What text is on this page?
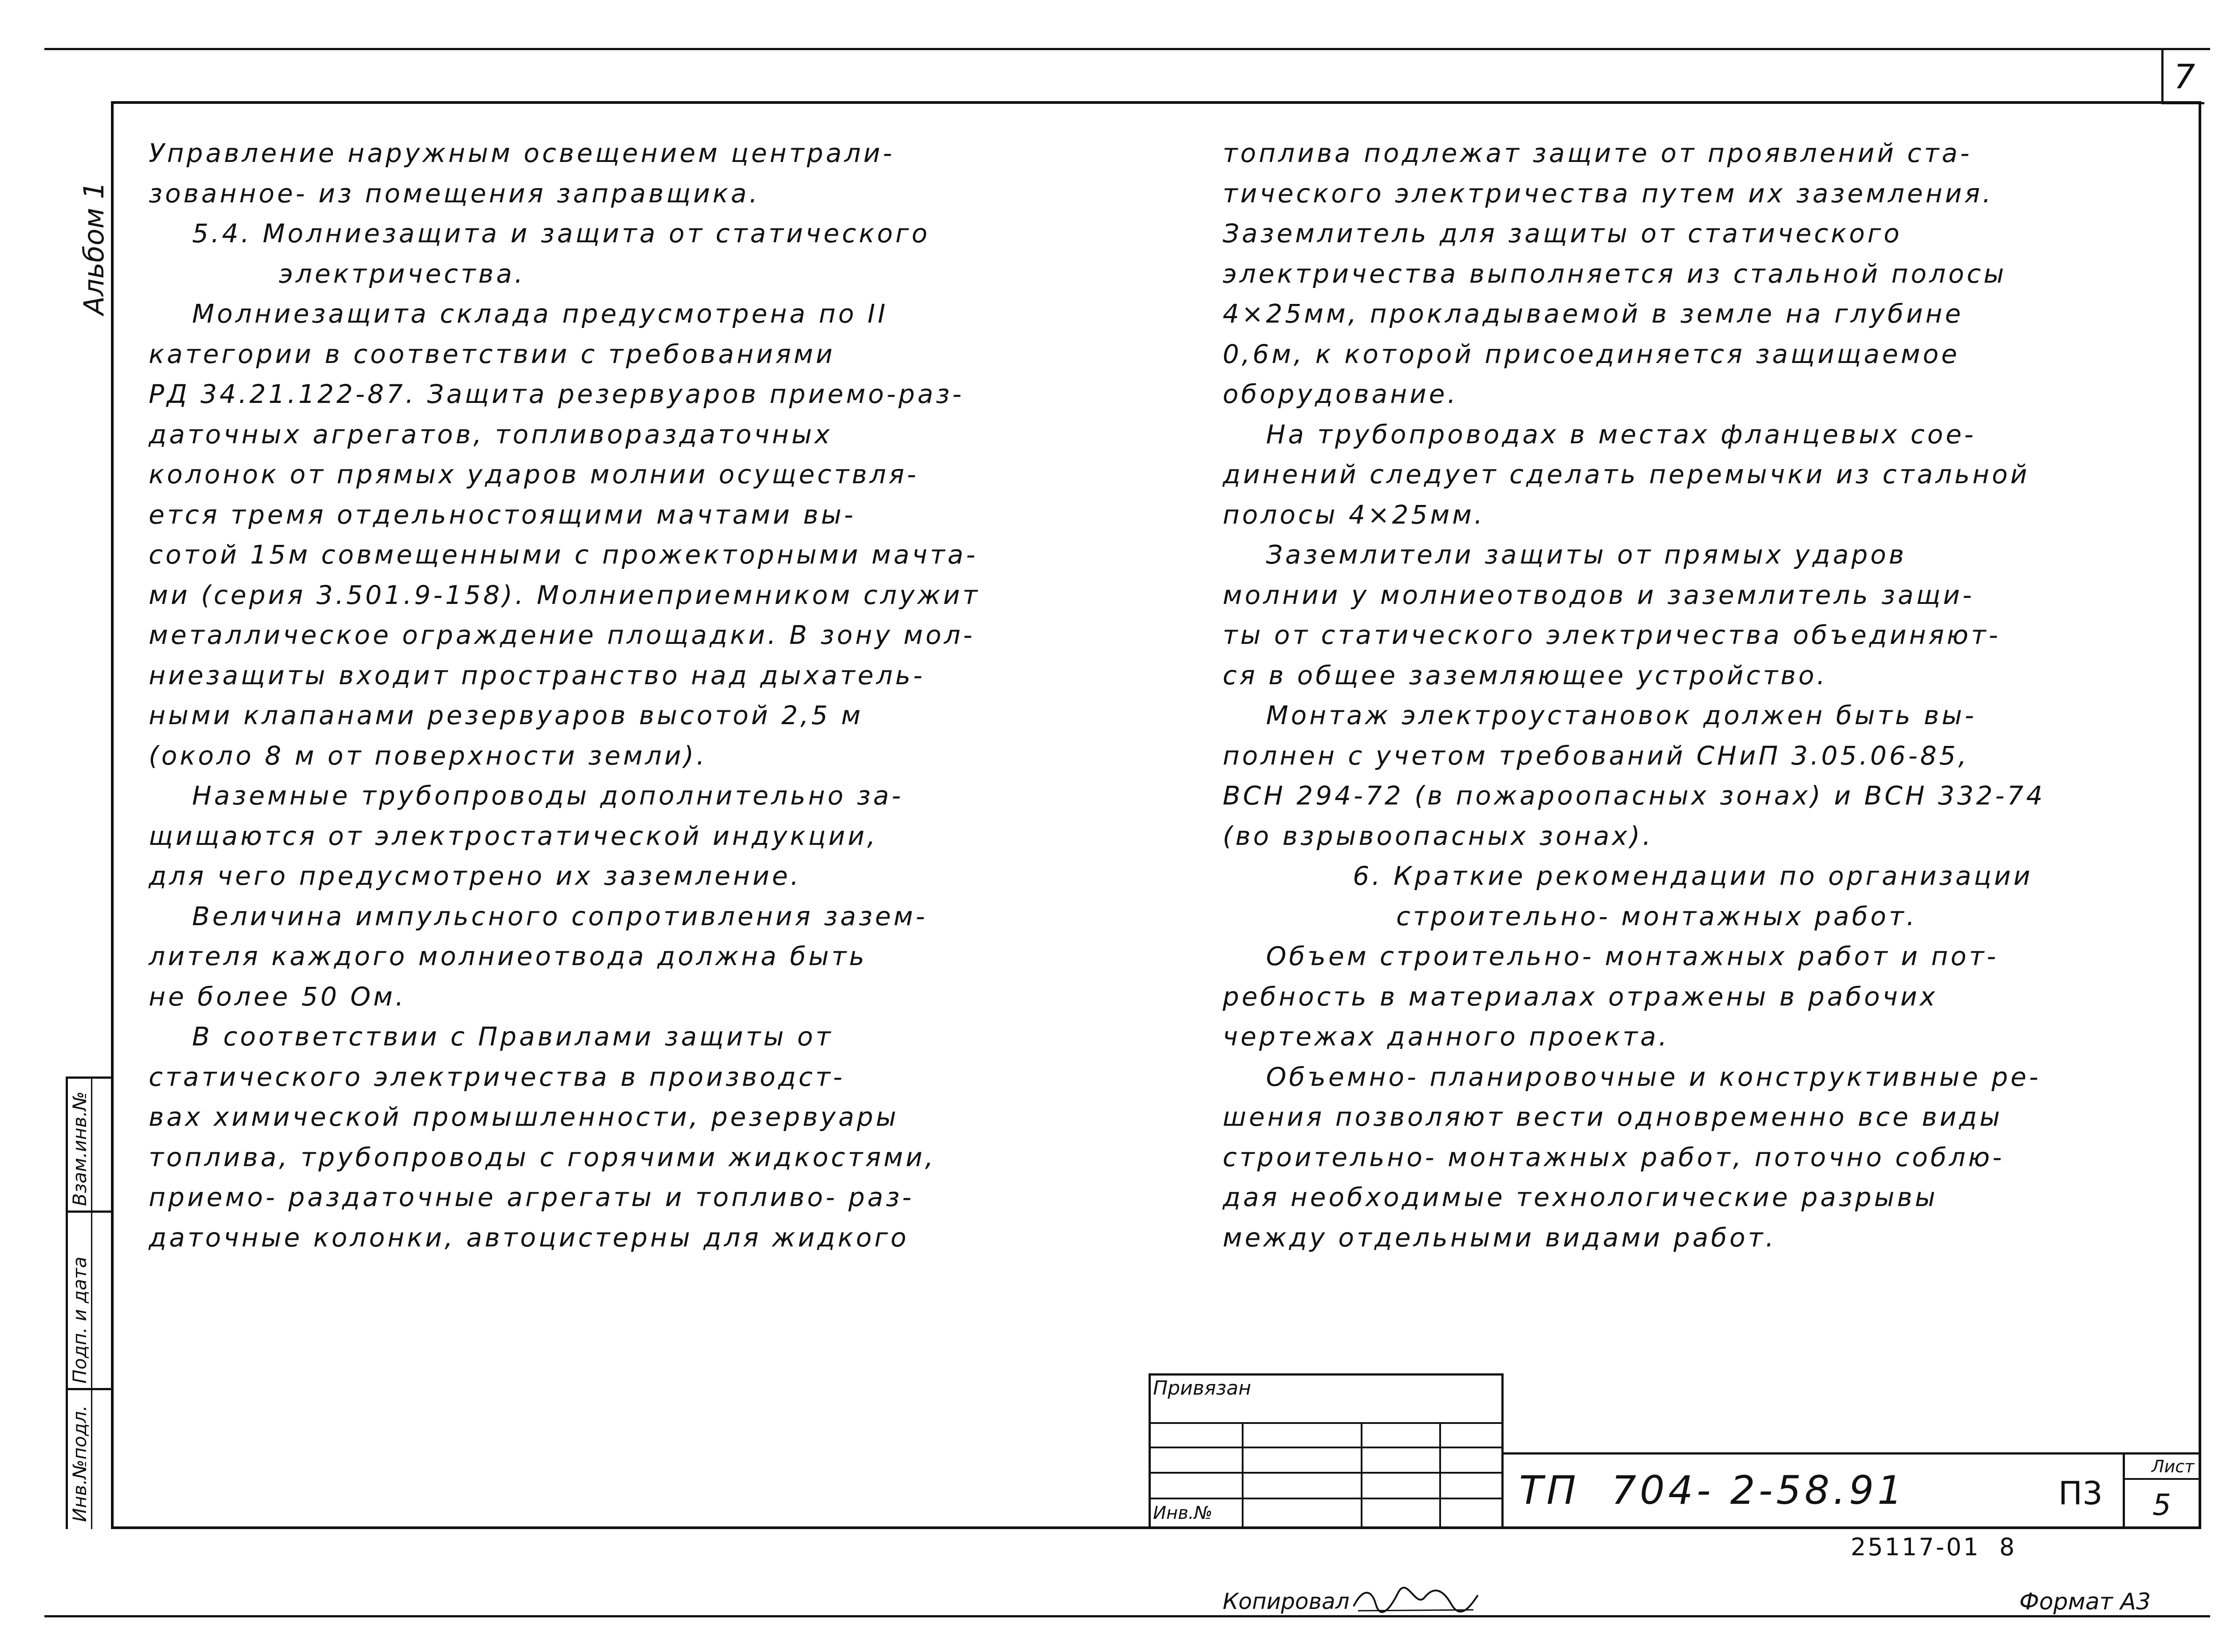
7
Взам.инв.№
Подп. и дата
Инв.№подл.
Альбом 1
Управление наружным освещением централи-
зованное- из помещения заправщика.
5.4. Молниезащита и защита от статического
электричества.
Молниезащита склада предусмотрена по II
категории в соответствии с требованиями
РД 34.21.122-87. Защита резервуаров приемо-раз-
даточных агрегатов, топливораздаточных
колонок от прямых ударов молнии осуществля-
ется тремя отдельностоящими мачтами вы-
сотой 15м совмещенными с прожекторными мачта-
ми (серия 3.501.9-158). Молниеприемником служит
металлическое ограждение площадки. В зону мол-
ниезащиты входит пространство над дыхатель-
ными клапанами резервуаров высотой 2,5 м
(около 8 м от поверхности земли).
Наземные трубопроводы дополнительно за-
щищаются от электростатической индукции,
для чего предусмотрено их заземление.
Величина импульсного сопротивления зазем-
лителя каждого молниеотвода должна быть
не более 50 Ом.
В соответствии с Правилами защиты от
статического электричества в производст-
вах химической промышленности, резервуары
топлива, трубопроводы с горячими жидкостями,
приемо- раздаточные агрегаты и топливо- раз-
даточные колонки, автоцистерны для жидкого
топлива подлежат защите от проявлений ста-
тического электричества путем их заземления.
Заземлитель для защиты от статического
электричества выполняется из стальной полосы
4×25мм, прокладываемой в земле на глубине
0,6м, к которой присоединяется защищаемое
оборудование.
На трубопроводах в местах фланцевых сое-
динений следует сделать перемычки из стальной
полосы 4×25мм.
Заземлители защиты от прямых ударов
молнии у молниеотводов и заземлитель защи-
ты от статического электричества объединяют-
ся в общее заземляющее устройство.
Монтаж электроустановок должен быть вы-
полнен с учетом требований СНиП 3.05.06-85,
ВСН 294-72 (в пожароопасных зонах) и ВСН 332-74
(во взрывоопасных зонах).
6. Краткие рекомендации по организации
строительно- монтажных работ.
Объем строительно- монтажных работ и пот-
ребность в материалах отражены в рабочих
чертежах данного проекта.
Объемно- планировочные и конструктивные ре-
шения позволяют вести одновременно все виды
строительно- монтажных работ, поточно соблю-
дая необходимые технологические разрывы
между отдельными видами работ.
Привязан
Инв.№	ТП  704- 2-58.91	П3
Лист
5
25117-01 8
Копировал	Формат А3
